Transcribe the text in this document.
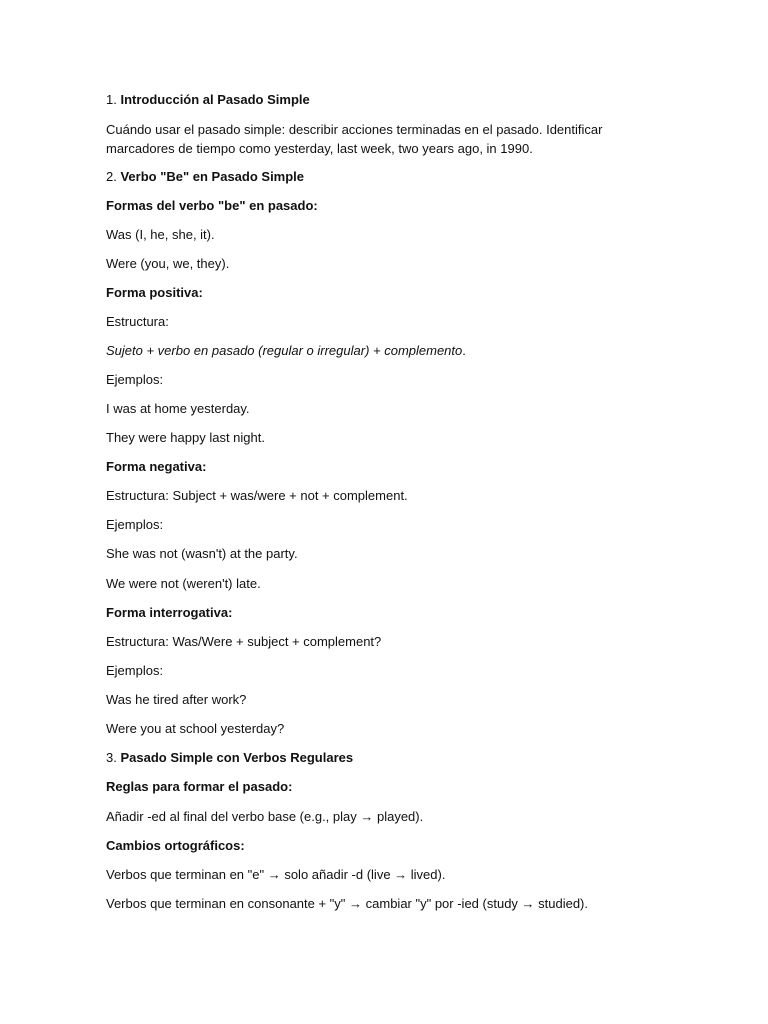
1. Introducción al Pasado Simple
Cuándo usar el pasado simple: describir acciones terminadas en el pasado. Identificar marcadores de tiempo como yesterday, last week, two years ago, in 1990.
2. Verbo "Be" en Pasado Simple
Formas del verbo "be" en pasado:
Was (I, he, she, it).
Were (you, we, they).
Forma positiva:
Estructura:
Sujeto + verbo en pasado (regular o irregular) + complemento.
Ejemplos:
I was at home yesterday.
They were happy last night.
Forma negativa:
Estructura: Subject + was/were + not + complement.
Ejemplos:
She was not (wasn't) at the party.
We were not (weren't) late.
Forma interrogativa:
Estructura: Was/Were + subject + complement?
Ejemplos:
Was he tired after work?
Were you at school yesterday?
3. Pasado Simple con Verbos Regulares
Reglas para formar el pasado:
Añadir -ed al final del verbo base (e.g., play → played).
Cambios ortográficos:
Verbos que terminan en "e" → solo añadir -d (live → lived).
Verbos que terminan en consonante + "y" → cambiar "y" por -ied (study → studied).
